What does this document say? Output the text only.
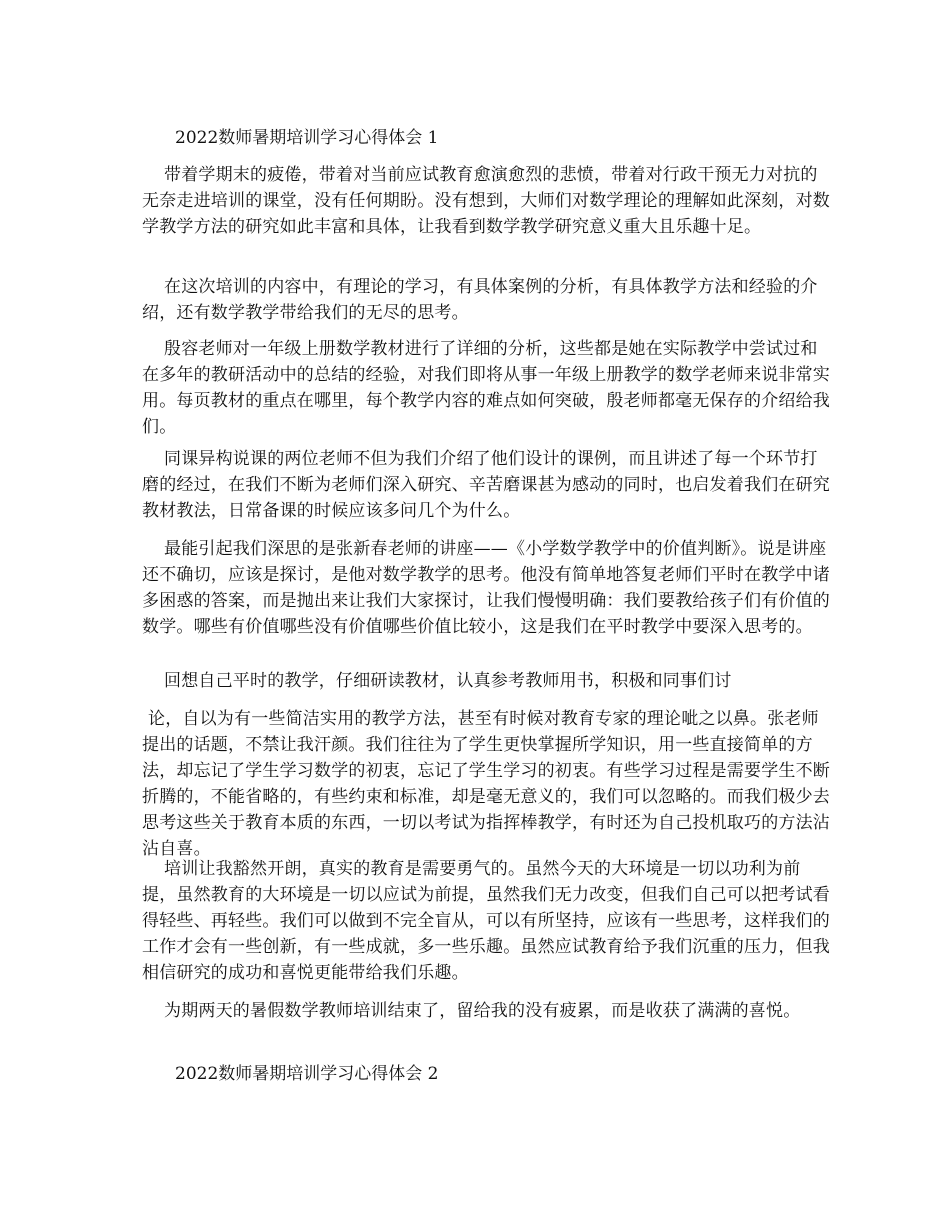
2022数师暑期培训学习心得体会 1

带着学期末的疲倦，带着对当前应试教育愈演愈烈的悲愤，带着对行政干预无力对抗的无奈走进培训的课堂，没有任何期盼。没有想到，大师们对数学理论的理解如此深刻，对数学教学方法的研究如此丰富和具体，让我看到数学教学研究意义重大且乐趣十足。

在这次培训的内容中，有理论的学习，有具体案例的分析，有具体教学方法和经验的介绍，还有数学教学带给我们的无尽的思考。

殷容老师对一年级上册数学教材进行了详细的分析，这些都是她在实际教学中尝试过和在多年的教研活动中的总结的经验，对我们即将从事一年级上册教学的数学老师来说非常实用。每页教材的重点在哪里，每个教学内容的难点如何突破，殷老师都毫无保存的介绍给我们。

同课异构说课的两位老师不但为我们介绍了他们设计的课例，而且讲述了每一个环节打磨的经过，在我们不断为老师们深入研究、辛苦磨课甚为感动的同时，也启发着我们在研究教材教法，日常备课的时候应该多问几个为什么。

最能引起我们深思的是张新春老师的讲座——《小学数学教学中的价值判断》。说是讲座还不确切，应该是探讨，是他对数学教学的思考。他没有简单地答复老师们平时在教学中诸多困惑的答案，而是抛出来让我们大家探讨，让我们慢慢明确：我们要教给孩子们有价值的数学。哪些有价值哪些没有价值哪些价值比较小，这是我们在平时教学中要深入思考的。

回想自己平时的教学，仔细研读教材，认真参考教师用书，积极和同事们讨

论，自以为有一些简洁实用的教学方法，甚至有时候对教育专家的理论呲之以鼻。张老师提出的话题，不禁让我汗颜。我们往往为了学生更快掌握所学知识，用一些直接简单的方法，却忘记了学生学习数学的初衷，忘记了学生学习的初衷。有些学习过程是需要学生不断折腾的，不能省略的，有些约束和标准，却是毫无意义的，我们可以忽略的。而我们极少去思考这些关于教育本质的东西，一切以考试为指挥棒教学，有时还为自己投机取巧的方法沾沾自喜。

培训让我豁然开朗，真实的教育是需要勇气的。虽然今天的大环境是一切以功利为前提，虽然教育的大环境是一切以应试为前提，虽然我们无力改变，但我们自己可以把考试看得轻些、再轻些。我们可以做到不完全盲从，可以有所坚持，应该有一些思考，这样我们的工作才会有一些创新，有一些成就，多一些乐趣。虽然应试教育给予我们沉重的压力，但我相信研究的成功和喜悦更能带给我们乐趣。

为期两天的暑假数学教师培训结束了，留给我的没有疲累，而是收获了满满的喜悦。

2022数师暑期培训学习心得体会 2
